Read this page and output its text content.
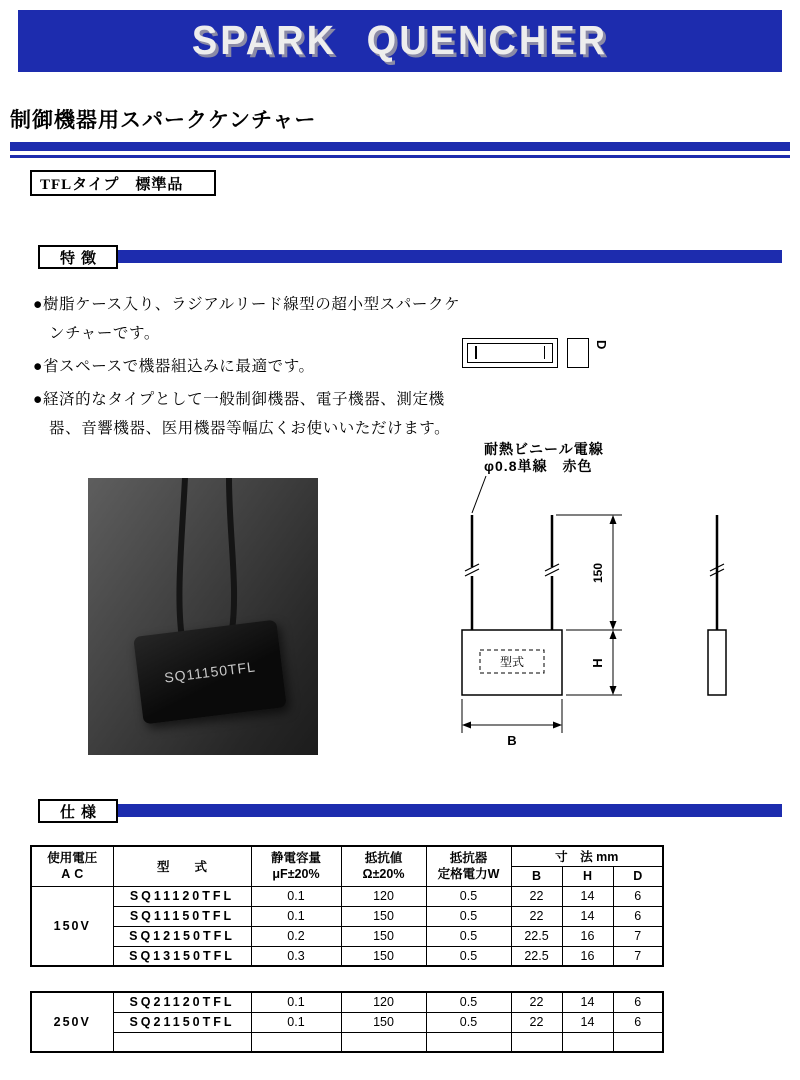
SPARK QUENCHER
制御機器用スパークケンチャー
TFLタイプ　標準品
特徴

●樹脂ケース入り、ラジアルリード線型の超小型スパークケンチャーです。

●省スペースで機器組込みに最適です。

●経済的なタイプとして一般制御機器、電子機器、測定機器、音響機器、医用機器等幅広くお使いいただけます。

D
耐熱ビニール電線
φ0.8単線　赤色
SQ11150TFL	型式
150
H
B
仕様
使用電圧
AC	型　　式	
静電容量
μF±20%

抵抗値
Ω±20%

抵抗器
定格電力W
	寸　法 mm
					B	H	D
150V	SQ11120TFL	0.1	120	0.5	22	14	6
	SQ11150TFL	0.1	150	0.5	22	14	6
	SQ12150TFL	0.2	150	0.5	22.5	16	7
	SQ13150TFL	0.3	150	0.5	22.5	16	7
250V	SQ21120TFL	0.1	120	0.5	22	14	6
	SQ21150TFL	0.1	150	0.5	22	14	6
